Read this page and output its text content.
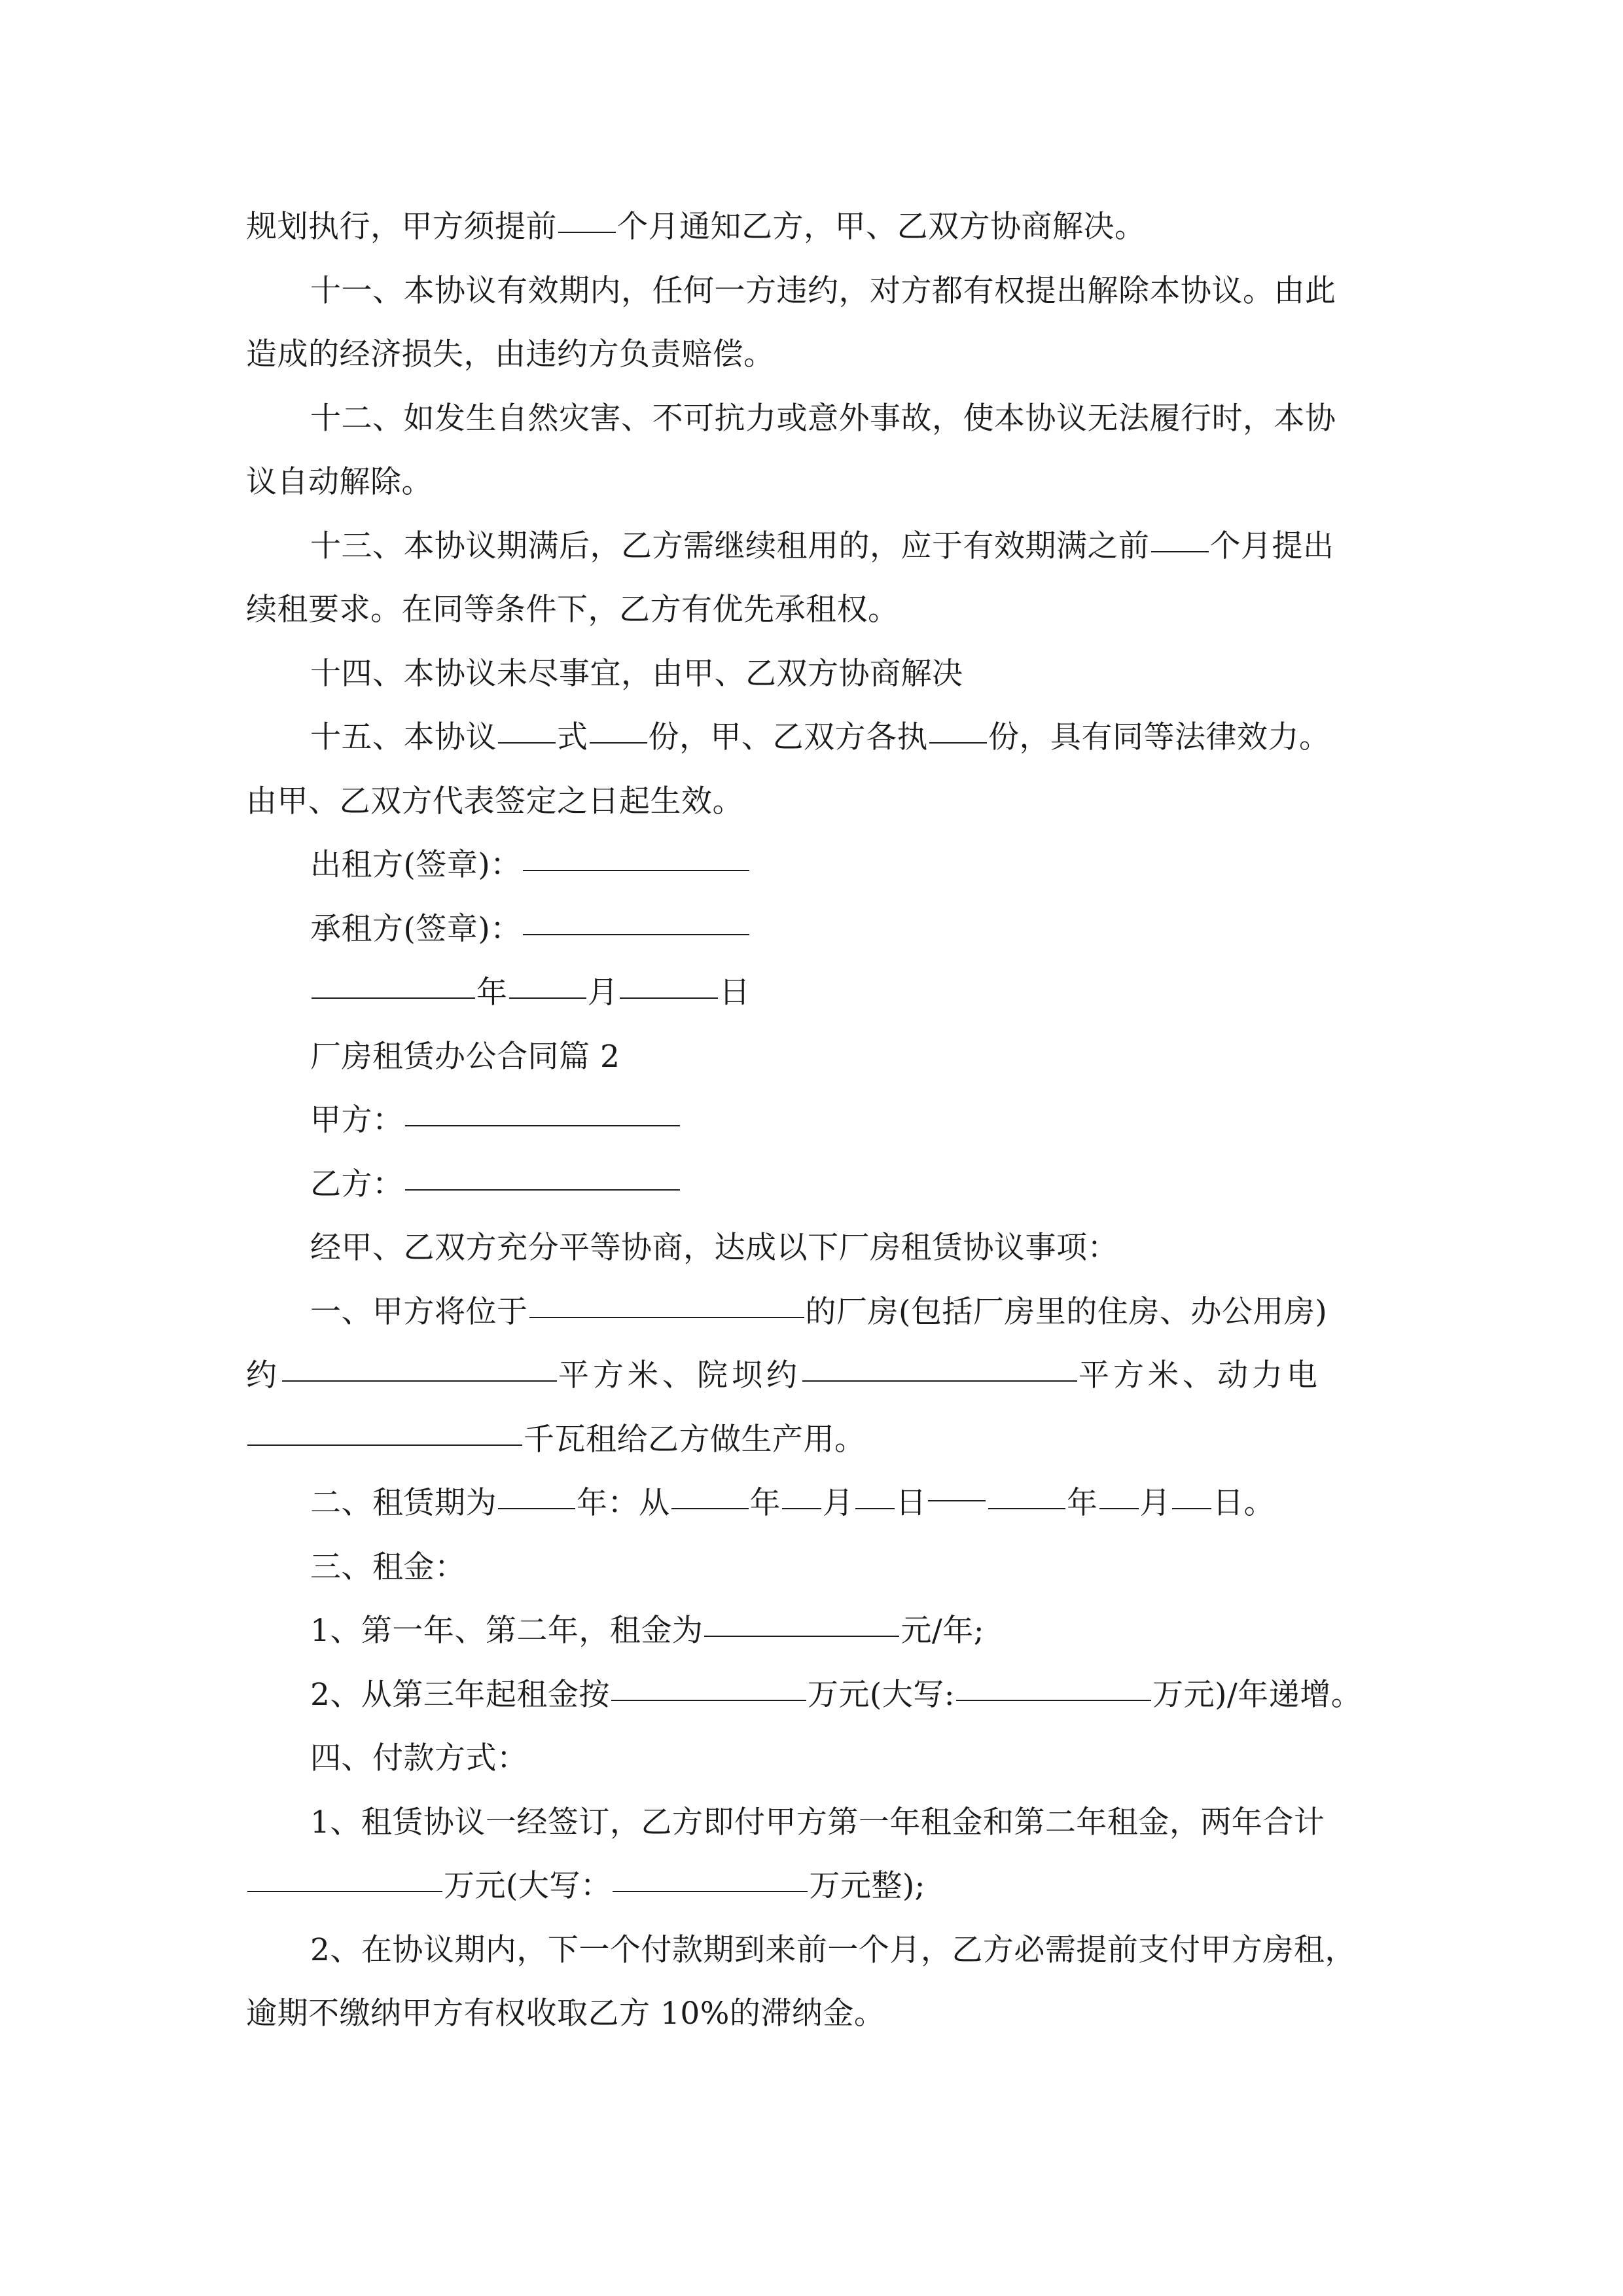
规划执行，甲方须提前 个月通知乙方，甲、乙双方协商解决。
十一、本协议有效期内，任何一方违约，对方都有权提出解除本协议。由此
造成的经济损失，由违约方负责赔偿。
十二、如发生自然灾害、不可抗力或意外事故，使本协议无法履行时，本协
议自动解除。
十三、本协议期满后，乙方需继续租用的，应于有效期满之前 个月提出
续租要求。在同等条件下，乙方有优先承租权。
十四、本协议未尽事宜，由甲、乙双方协商解决
十五、本协议 式 份，甲、乙双方各执 份，具有同等法律效力。
由甲、乙双方代表签定之日起生效。
出租方(签章)：
承租方(签章)：
年	月	日
厂房租赁办公合同篇 2
甲方：
乙方：
经甲、乙双方充分平等协商，达成以下厂房租赁协议事项：
一、甲方将位于	的厂房(包括厂房里的住房、办公用房)
约	平方米、院坝约	平方米、动力电
千瓦租给乙方做生产用。
二、租赁期为	年：从	年 月 日	年 月 日。
三、租金：
1、第一年、第二年，租金为	元/年;
2、从第三年起租金按	万元(大写:	万元)/年递增。
四、付款方式：
1、租赁协议一经签订，乙方即付甲方第一年租金和第二年租金，两年合计
万元(大写：	万元整);
2、在协议期内，下一个付款期到来前一个月，乙方必需提前支付甲方房租，
逾期不缴纳甲方有权收取乙方 10%的滞纳金。
